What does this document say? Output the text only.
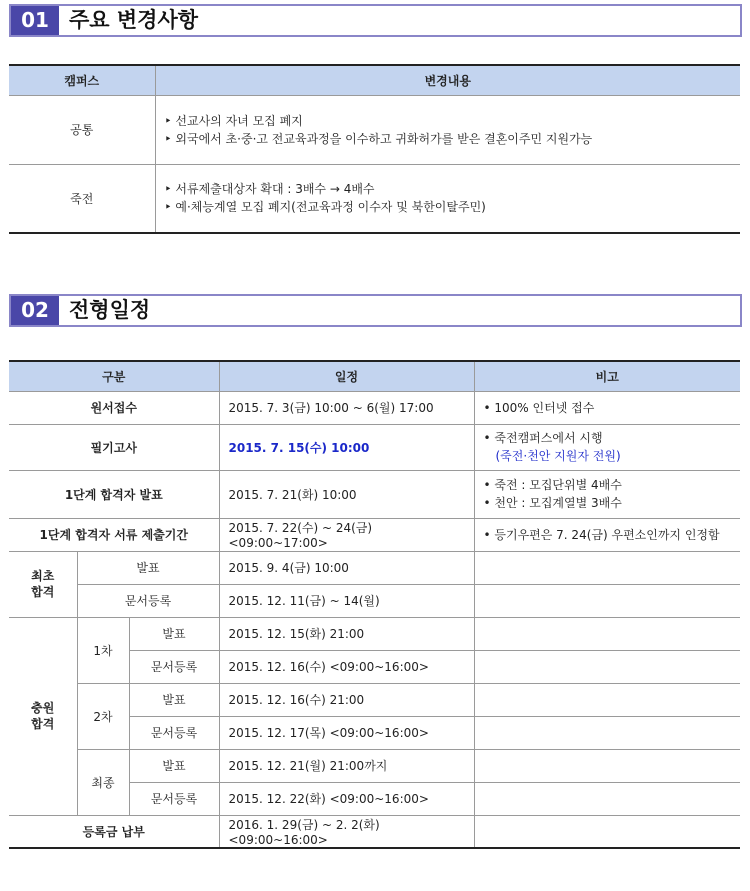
01 주요 변경사항
캠퍼스	변경내용
공통	‣ 선교사의 자녀 모집 폐지
‣ 외국에서 초·중·고 전교육과정을 이수하고 귀화허가를 받은 결혼이주민 지원가능

죽전	‣ 서류제출대상자 확대 : 3배수 → 4배수
‣ 예·체능계열 모집 폐지(전교육과정 이수자 및 북한이탈주민)
02 전형일정
구분			일정	비고
원서접수			2015. 7. 3(금) 10:00 ~ 6(월) 17:00	• 100% 인터넷 접수
필기고사			2015. 7. 15(수) 10:00	• 죽전캠퍼스에서 시행
(죽전·천안 지원자 전원)

1단계 합격자 발표			2015. 7. 21(화) 10:00	• 죽전 : 모집단위별 4배수
• 천안 : 모집계열별 3배수

1단계 합격자 서류 제출기간			2015. 7. 22(수) ~ 24(금) <09:00~17:00>	• 등기우편은 7. 24(금) 우편소인까지 인정함
최초
합격	발표		2015. 9. 4(금) 10:00	
	문서등록		2015. 12. 11(금) ~ 14(월)	
충원
합격	1차	발표	2015. 12. 15(화) 21:00	
		문서등록	2015. 12. 16(수) <09:00~16:00>	
	2차	발표	2015. 12. 16(수) 21:00	
		문서등록	2015. 12. 17(목) <09:00~16:00>	
	최종	발표	2015. 12. 21(월) 21:00까지	
		문서등록	2015. 12. 22(화) <09:00~16:00>	
등록금 납부			2016. 1. 29(금) ~ 2. 2(화) <09:00~16:00>	
